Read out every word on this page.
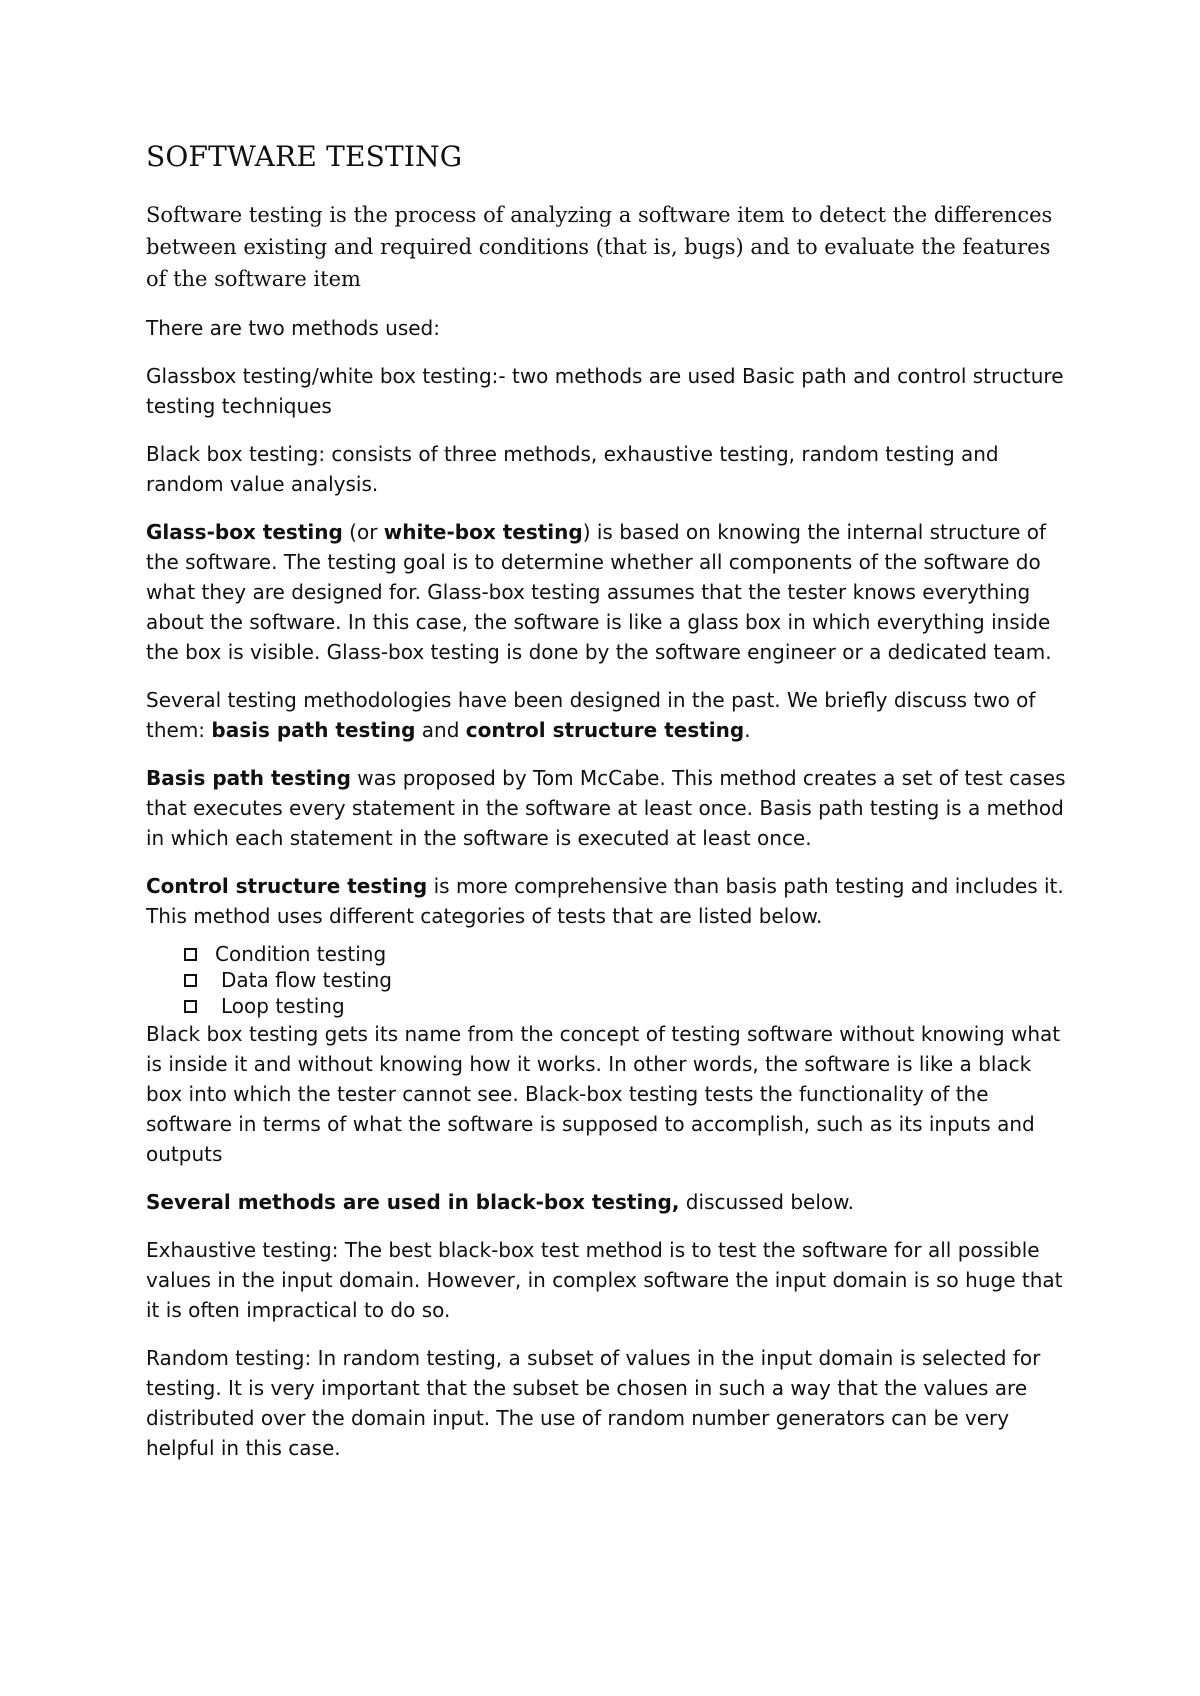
SOFTWARE TESTING

Software testing is the process of analyzing a software item to detect the differences between existing and required conditions (that is, bugs) and to evaluate the features of the software item

There are two methods used:

Glassbox testing/white box testing:- two methods are used Basic path and control structure testing techniques

Black box testing: consists of three methods, exhaustive testing, random testing and random value analysis.

Glass-box testing (or white-box testing) is based on knowing the internal structure of the software. The testing goal is to determine whether all components of the software do what they are designed for. Glass-box testing assumes that the tester knows everything about the software. In this case, the software is like a glass box in which everything inside the box is visible. Glass-box testing is done by the software engineer or a dedicated team.

Several testing methodologies have been designed in the past. We briefly discuss two of them: basis path testing and control structure testing.

Basis path testing was proposed by Tom McCabe. This method creates a set of test cases that executes every statement in the software at least once. Basis path testing is a method in which each statement in the software is executed at least once.

Control structure testing is more comprehensive than basis path testing and includes it. This method uses different categories of tests that are listed below.

Condition testing
Data flow testing
Loop testing

Black box testing gets its name from the concept of testing software without knowing what is inside it and without knowing how it works. In other words, the software is like a black box into which the tester cannot see. Black-box testing tests the functionality of the software in terms of what the software is supposed to accomplish, such as its inputs and outputs

Several methods are used in black-box testing, discussed below.

Exhaustive testing: The best black-box test method is to test the software for all possible values in the input domain. However, in complex software the input domain is so huge that it is often impractical to do so.

Random testing: In random testing, a subset of values in the input domain is selected for testing. It is very important that the subset be chosen in such a way that the values are distributed over the domain input. The use of random number generators can be very helpful in this case.
